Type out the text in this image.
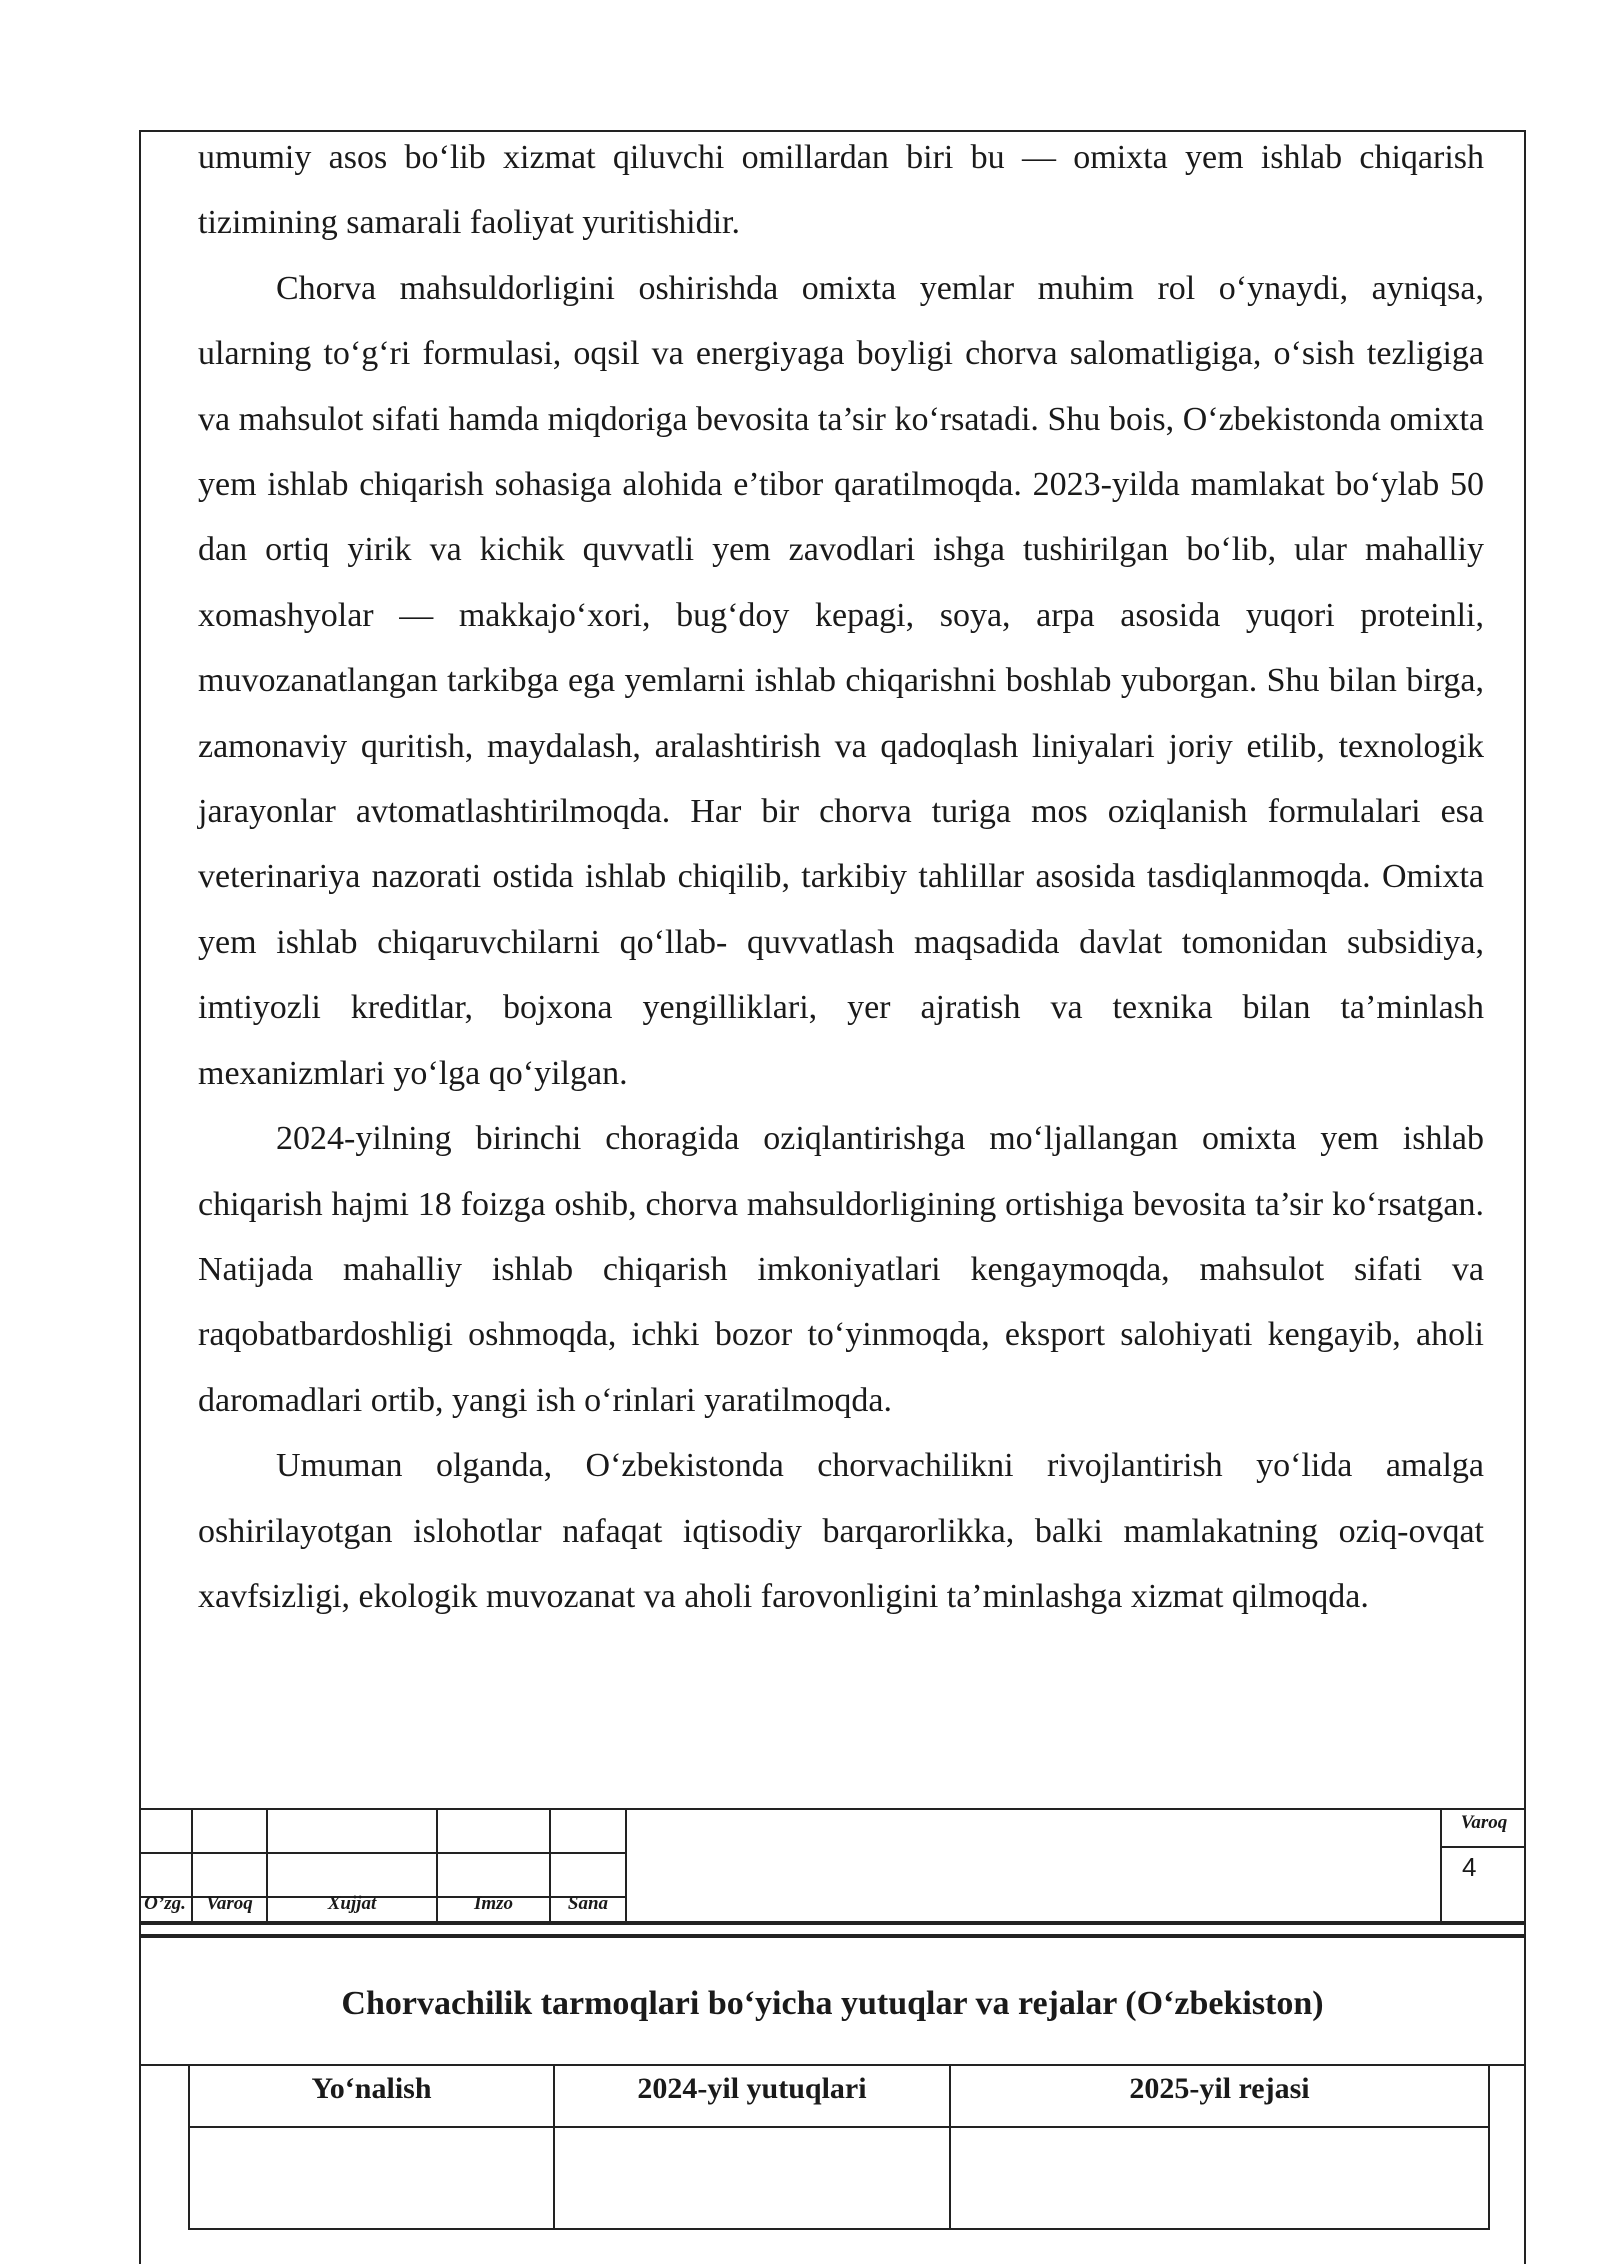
umumiy asos bo‘lib xizmat qiluvchi omillardan biri bu — omixta yem ishlab chiqarish tizimining samarali faoliyat yuritishidir.

Chorva mahsuldorligini oshirishda omixta yemlar muhim rol o‘ynaydi, ayniqsa, ularning to‘g‘ri formulasi, oqsil va energiyaga boyligi chorva salomatligiga, o‘sish tezligiga va mahsulot sifati hamda miqdoriga bevosita ta’sir ko‘rsatadi. Shu bois, O‘zbekistonda omixta yem ishlab chiqarish sohasiga alohida e’tibor qaratilmoqda. 2023-yilda mamlakat bo‘ylab 50 dan ortiq yirik va kichik quvvatli yem zavodlari ishga tushirilgan bo‘lib, ular mahalliy xomashyolar — makkajo‘xori, bug‘doy kepagi, soya, arpa asosida yuqori proteinli, muvozanatlangan tarkibga ega yemlarni ishlab chiqarishni boshlab yuborgan. Shu bilan birga, zamonaviy quritish, maydalash, aralashtirish va qadoqlash liniyalari joriy etilib, texnologik jarayonlar avtomatlashtirilmoqda. Har bir chorva turiga mos oziqlanish formulalari esa veterinariya nazorati ostida ishlab chiqilib, tarkibiy tahlillar asosida tasdiqlanmoqda. Omixta yem ishlab chiqaruvchilarni qo‘llab- quvvatlash maqsadida davlat tomonidan subsidiya, imtiyozli kreditlar, bojxona yengilliklari, yer ajratish va texnika bilan ta’minlash mexanizmlari yo‘lga qo‘yilgan.

2024-yilning birinchi choragida oziqlantirishga mo‘ljallangan omixta yem ishlab chiqarish hajmi 18 foizga oshib, chorva mahsuldorligining ortishiga bevosita ta’sir ko‘rsatgan. Natijada mahalliy ishlab chiqarish imkoniyatlari kengaymoqda, mahsulot sifati va raqobatbardoshligi oshmoqda, ichki bozor to‘yinmoqda, eksport salohiyati kengayib, aholi daromadlari ortib, yangi ish o‘rinlari yaratilmoqda.

Umuman olganda, O‘zbekistonda chorvachilikni rivojlantirish yo‘lida amalga oshirilayotgan islohotlar nafaqat iqtisodiy barqarorlikka, balki mamlakatning oziq-ovqat xavfsizligi, ekologik muvozanat va aholi farovonligini ta’minlashga xizmat qilmoqda.

O’zg.	Varoq	Xujjat	Imzo	Sana
Varoq
4
Chorvachilik tarmoqlari bo‘yicha yutuqlar va rejalar (O‘zbekiston)
Yo‘nalish	2024-yil yutuqlari	2025-yil rejasi
